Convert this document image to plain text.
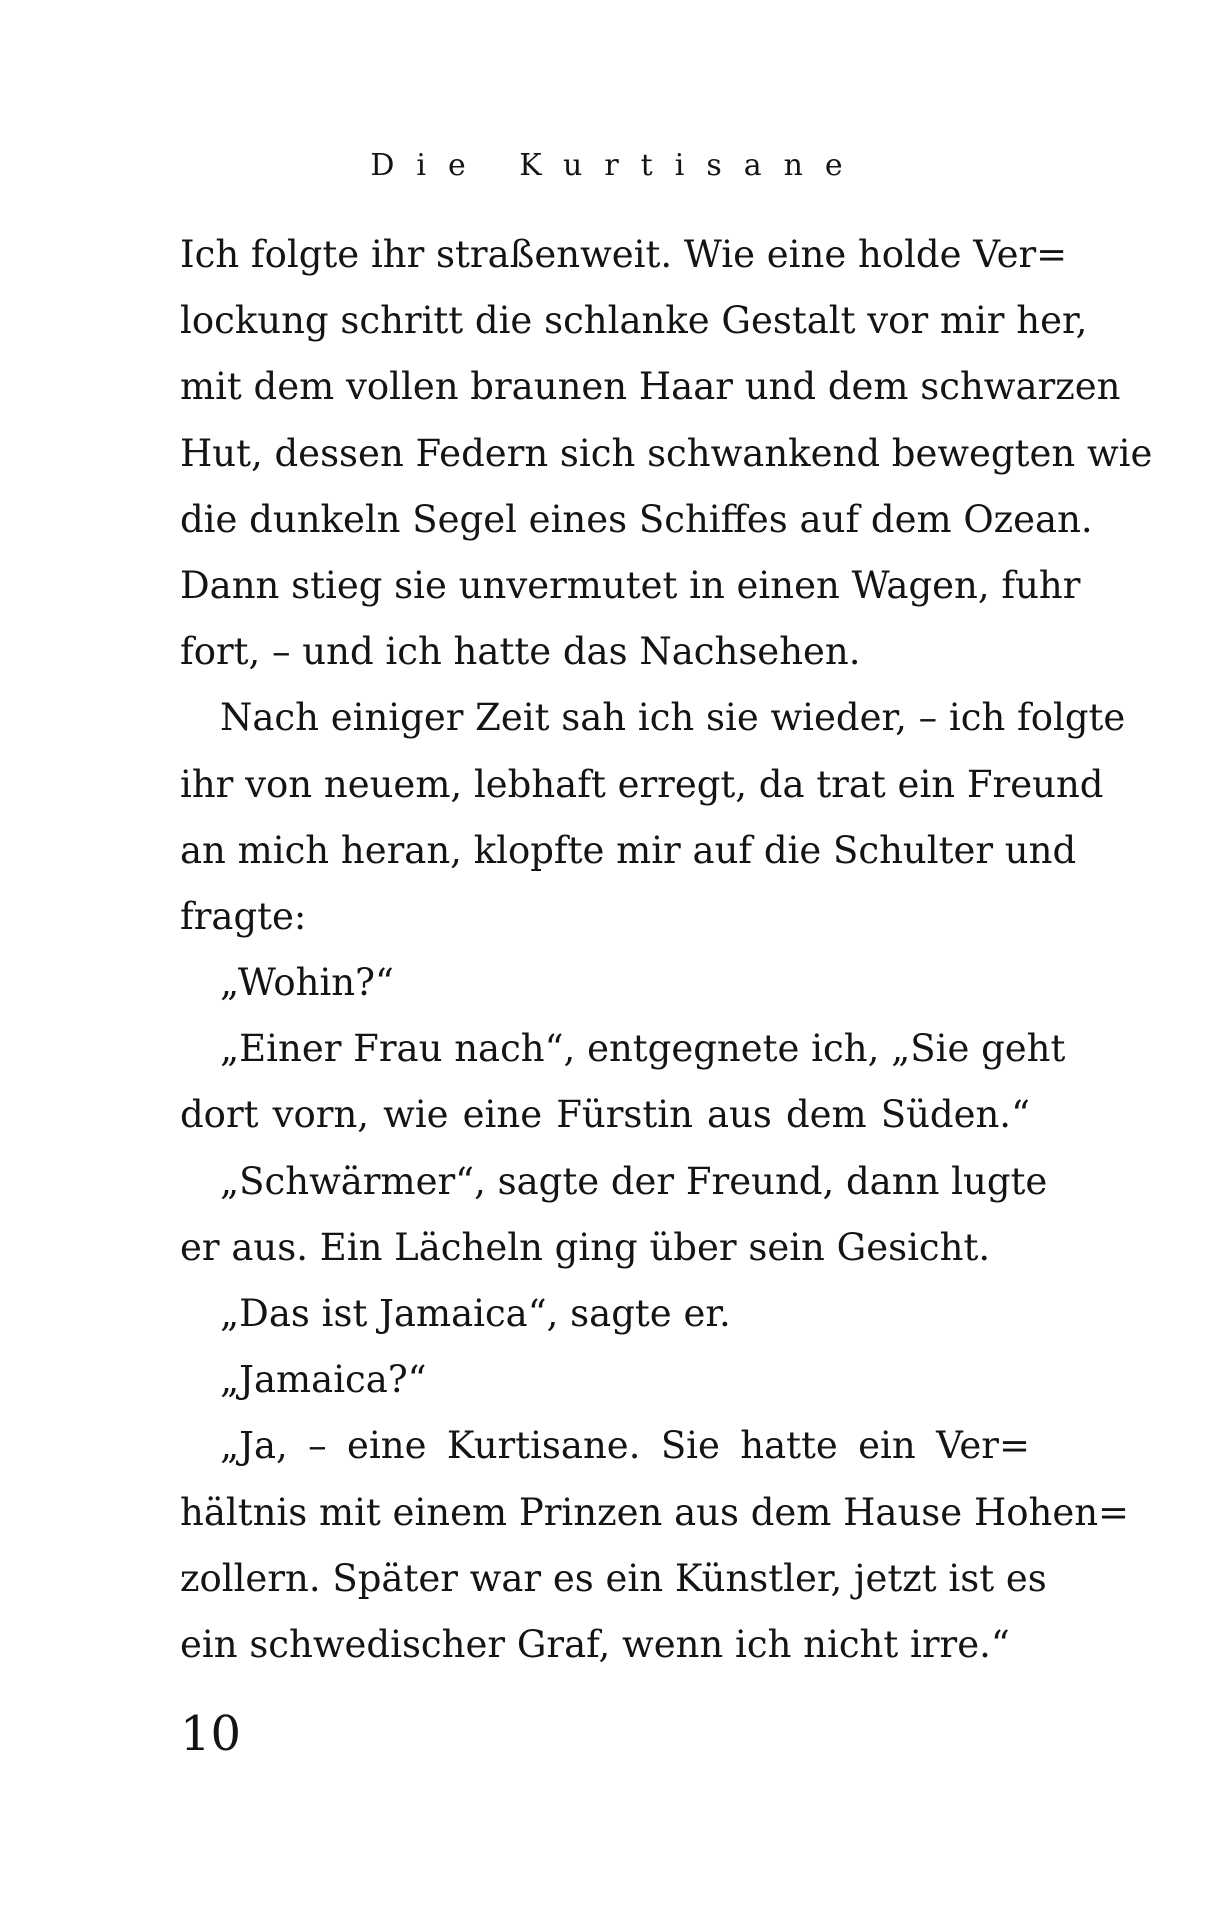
Die Kurtisane
Ich folgte ihr straßenweit. Wie eine holde Ver=
lockung schritt die schlanke Gestalt vor mir her,
mit dem vollen braunen Haar und dem schwarzen
Hut, dessen Federn sich schwankend bewegten wie
die dunkeln Segel eines Schiffes auf dem Ozean.
Dann stieg sie unvermutet in einen Wagen, fuhr
fort, – und ich hatte das Nachsehen.
Nach einiger Zeit sah ich sie wieder, – ich folgte
ihr von neuem, lebhaft erregt, da trat ein Freund
an mich heran, klopfte mir auf die Schulter und
fragte:
„Wohin?“
„Einer Frau nach“, entgegnete ich, „Sie geht
dort vorn, wie eine Fürstin aus dem Süden.“
„Schwärmer“, sagte der Freund, dann lugte
er aus. Ein Lächeln ging über sein Gesicht.
„Das ist Jamaica“, sagte er.
„Jamaica?“
„Ja, – eine Kurtisane. Sie hatte ein Ver=
hältnis mit einem Prinzen aus dem Hause Hohen=
zollern. Später war es ein Künstler, jetzt ist es
ein schwedischer Graf, wenn ich nicht irre.“
10
